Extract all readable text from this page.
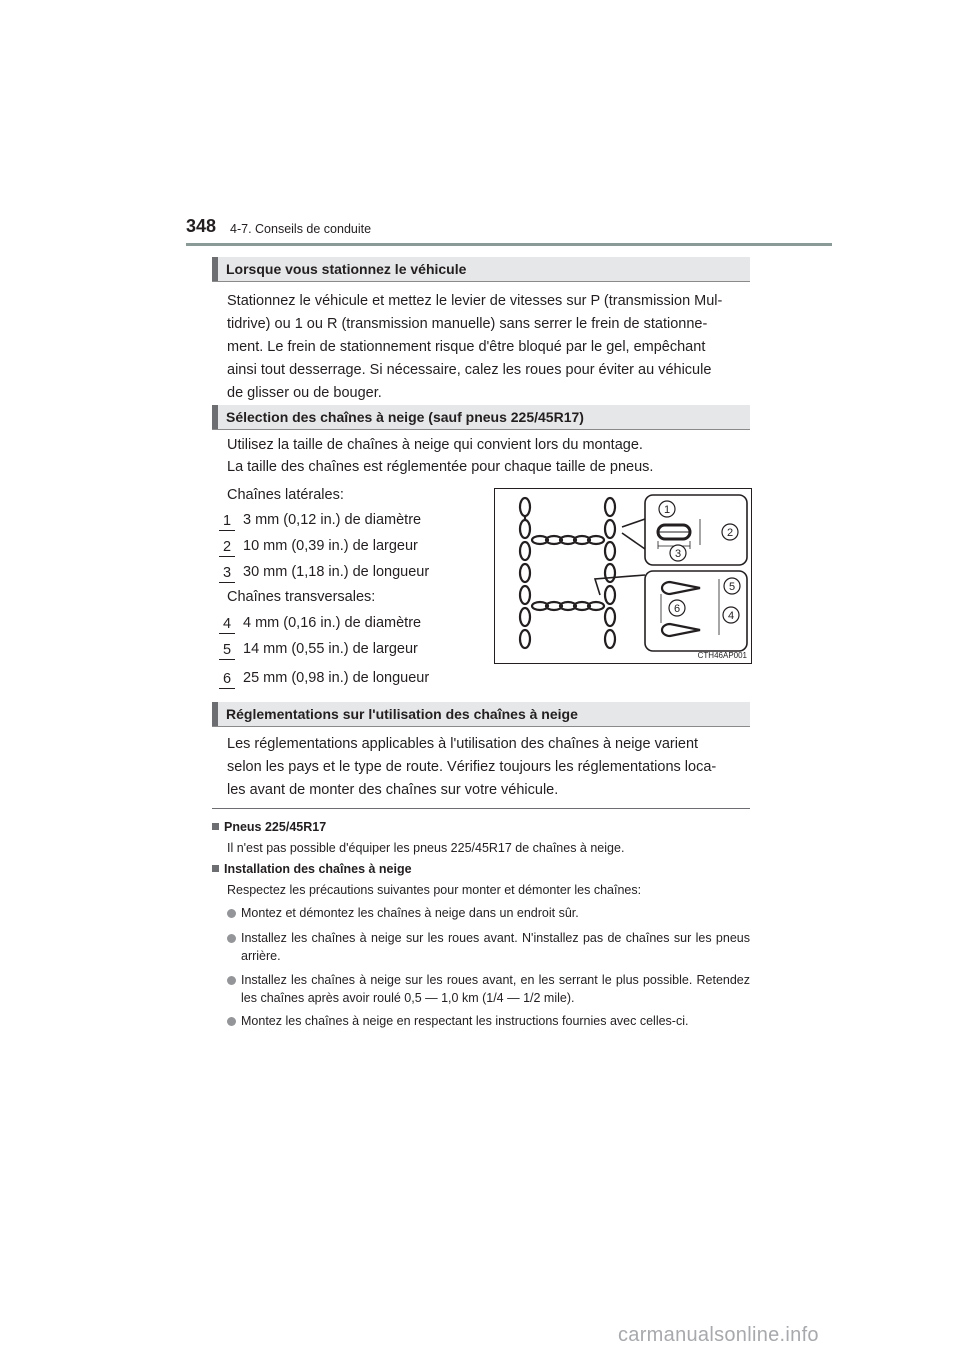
348 4-7. Conseils de conduite
Lorsque vous stationnez le véhicule
Stationnez le véhicule et mettez le levier de vitesses sur P (transmission Mul-
tidrive) ou 1 ou R (transmission manuelle) sans serrer le frein de stationne-
ment. Le frein de stationnement risque d'être bloqué par le gel, empêchant
ainsi tout desserrage. Si nécessaire, calez les roues pour éviter au véhicule
de glisser ou de bouger.
Sélection des chaînes à neige (sauf pneus 225/45R17)
Utilisez la taille de chaînes à neige qui convient lors du montage.
La taille des chaînes est réglementée pour chaque taille de pneus.
Chaînes latérales:
1 3 mm (0,12 in.) de diamètre
2 10 mm (0,39 in.) de largeur
3 30 mm (1,18 in.) de longueur
Chaînes transversales:
4 4 mm (0,16 in.) de diamètre
5 14 mm (0,55 in.) de largeur
6 25 mm (0,98 in.) de longueur
1
2
3
4
5
6
CTH46AP001
Réglementations sur l'utilisation des chaînes à neige
Les réglementations applicables à l'utilisation des chaînes à neige varient
selon les pays et le type de route. Vérifiez toujours les réglementations loca-
les avant de monter des chaînes sur votre véhicule.
Pneus 225/45R17
Il n'est pas possible d'équiper les pneus 225/45R17 de chaînes à neige.
Installation des chaînes à neige
Respectez les précautions suivantes pour monter et démonter les chaînes:
Montez et démontez les chaînes à neige dans un endroit sûr.
Installez les chaînes à neige sur les roues avant. N'installez pas de chaînes sur les pneus arrière.
Installez les chaînes à neige sur les roues avant, en les serrant le plus possible. Retendez les chaînes après avoir roulé 0,5 — 1,0 km (1/4 — 1/2 mile).
Montez les chaînes à neige en respectant les instructions fournies avec celles-ci.
carmanualsonline.info
